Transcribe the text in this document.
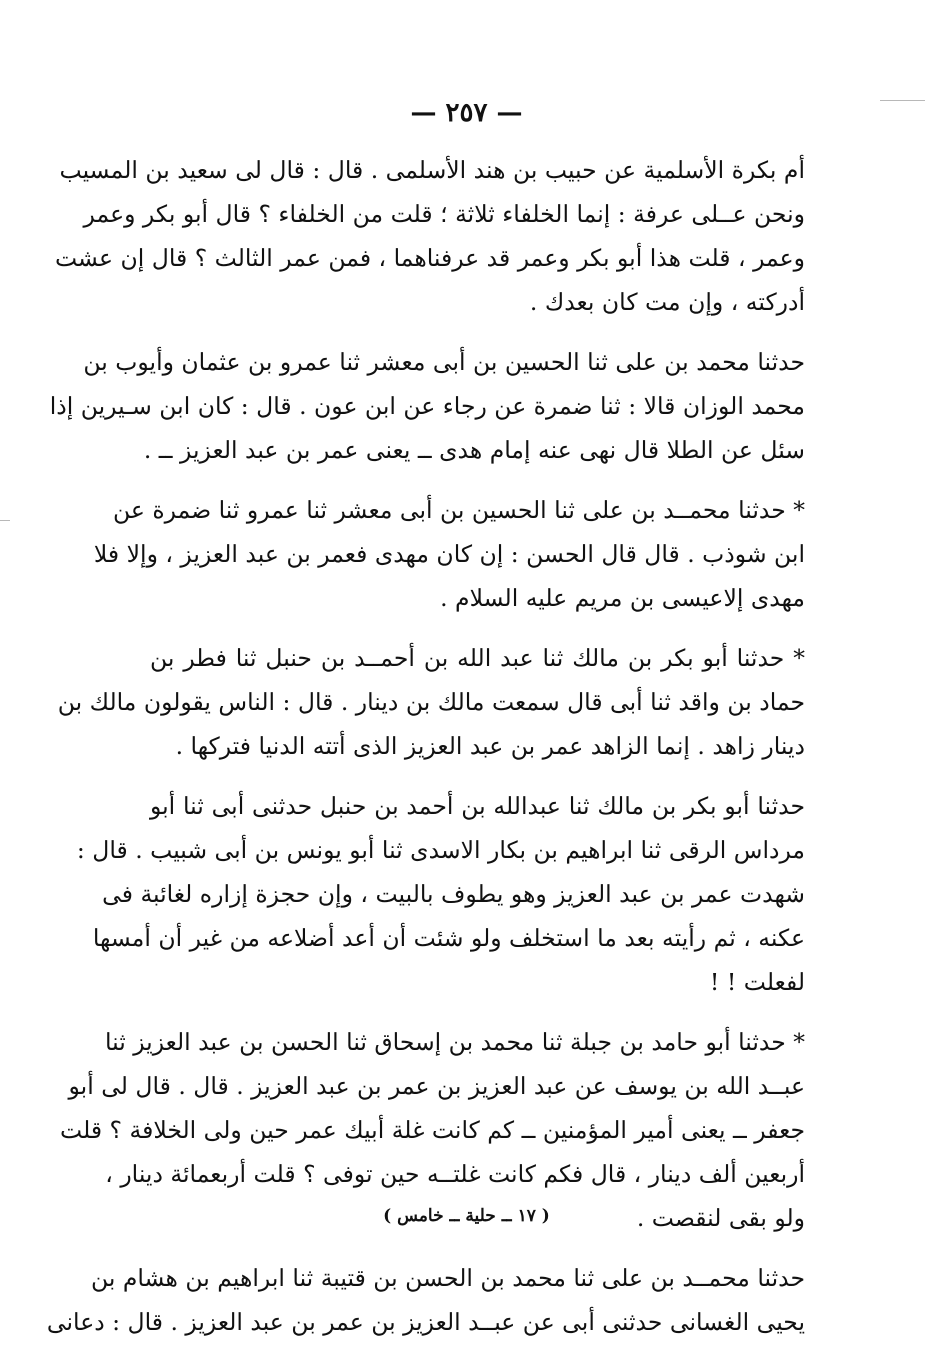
— ٢٥٧ —
أم بكرة الأسلمية عن حبيب بن هند الأسلمى . قال : قال لى سعيد بن المسيب
ونحن عــلى عرفة : إنما الخلفاء ثلاثة ؛ قلت من الخلفاء ؟ قال أبو بكر وعمر
وعمر ، قلت هذا أبو بكر وعمر قد عرفناهما ، فمن عمر الثالث ؟ قال إن عشت
أدركته ، وإن مت كان بعدك .
حدثنا محمد بن على ثنا الحسين بن أبى معشر ثنا عمرو بن عثمان وأيوب بن
محمد الوزان قالا : ثنا ضمرة عن رجاء عن ابن عون . قال : كان ابن سـيرين إذا
سئل عن الطلا قال نهى عنه إمام هدى ــ يعنى عمر بن عبد العزيز ــ .
* حدثنا محمــد بن على ثنا الحسين بن أبى معشر ثنا عمرو ثنا ضمرة عن
ابن شوذب . قال قال الحسن : إن كان مهدى فعمر بن عبد العزيز ، وإلا فلا
مهدى إلاعيسى بن مريم عليه السلام .
* حدثنا أبو بكر بن مالك ثنا عبد الله بن أحمــد بن حنبل ثنا فطر بن
حماد بن واقد ثنا أبى قال سمعت مالك بن دينار . قال : الناس يقولون مالك بن
دينار زاهد . إنما الزاهد عمر بن عبد العزيز الذى أتته الدنيا فتركها .
حدثنا أبو بكر بن مالك ثنا عبدالله بن أحمد بن حنبل حدثنى أبى ثنا أبو
مرداس الرقى ثنا ابراهيم بن بكار الاسدى ثنا أبو يونس بن أبى شبيب . قال :
شهدت عمر بن عبد العزيز وهو يطوف بالبيت ، وإن حجزة إزاره لغائبة فى
عكنه ، ثم رأيته بعد ما استخلف ولو شئت أن أعد أضلاعه من غير أن أمسها
لفعلت ! !
* حدثنا أبو حامد بن جبلة ثنا محمد بن إسحاق ثنا الحسن بن عبد العزيز ثنا
عبــد الله بن يوسف عن عبد العزيز بن عمر بن عبد العزيز . قال . قال لى أبو
جعفر ــ يعنى أمير المؤمنين ــ كم كانت غلة أبيك عمر حين ولى الخلافة ؟ قلت
أربعين ألف دينار ، قال فكم كانت غلتــه حين توفى ؟ قلت أربعمائة دينار ،
ولو بقى لنقصت .
حدثنا محمــد بن على ثنا محمد بن الحسن بن قتيبة ثنا ابراهيم بن هشام بن
يحيى الغسانى حدثنى أبى عن عبــد العزيز بن عمر بن عبد العزيز . قال : دعانى
( ١٧ ــ حلية ــ خامس )
